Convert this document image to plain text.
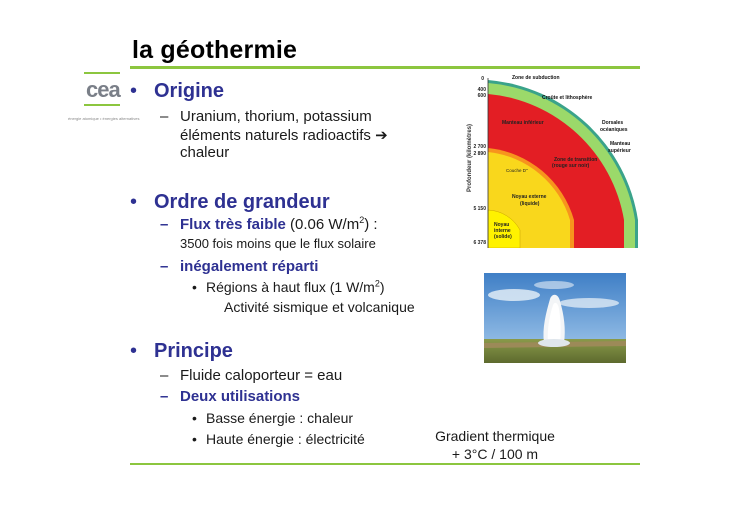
la géothermie
cea
énergie atomique • énergies alternatives
• Origine
– Uranium, thorium, potassium
éléments naturels radioactifs ➔
chaleur
• Ordre de grandeur
– Flux très faible (0.06 $W/m^2$) :
3500 fois moins que le flux solaire
– inégalement réparti
• Régions à haut flux (1 $W/m^2$)
Activité sismique et volcanique
• Principe
– Fluide caloporteur = eau
– Deux utilisations
• Basse énergie : chaleur
• Haute énergie : électricité
Profondeur (kilomètres)
0
400
600
2 700
2 890
5 150
6 378
Zone de subduction
Croûte et lithosphère
Dorsales
océaniques
Manteau
supérieur
Manteau inférieur
Zone de transition
(rouge sur noir)
Couche D''
Noyau externe
(liquide)
Noyau
interne
(solide)
Gradient thermique
+ 3°C / 100 m
